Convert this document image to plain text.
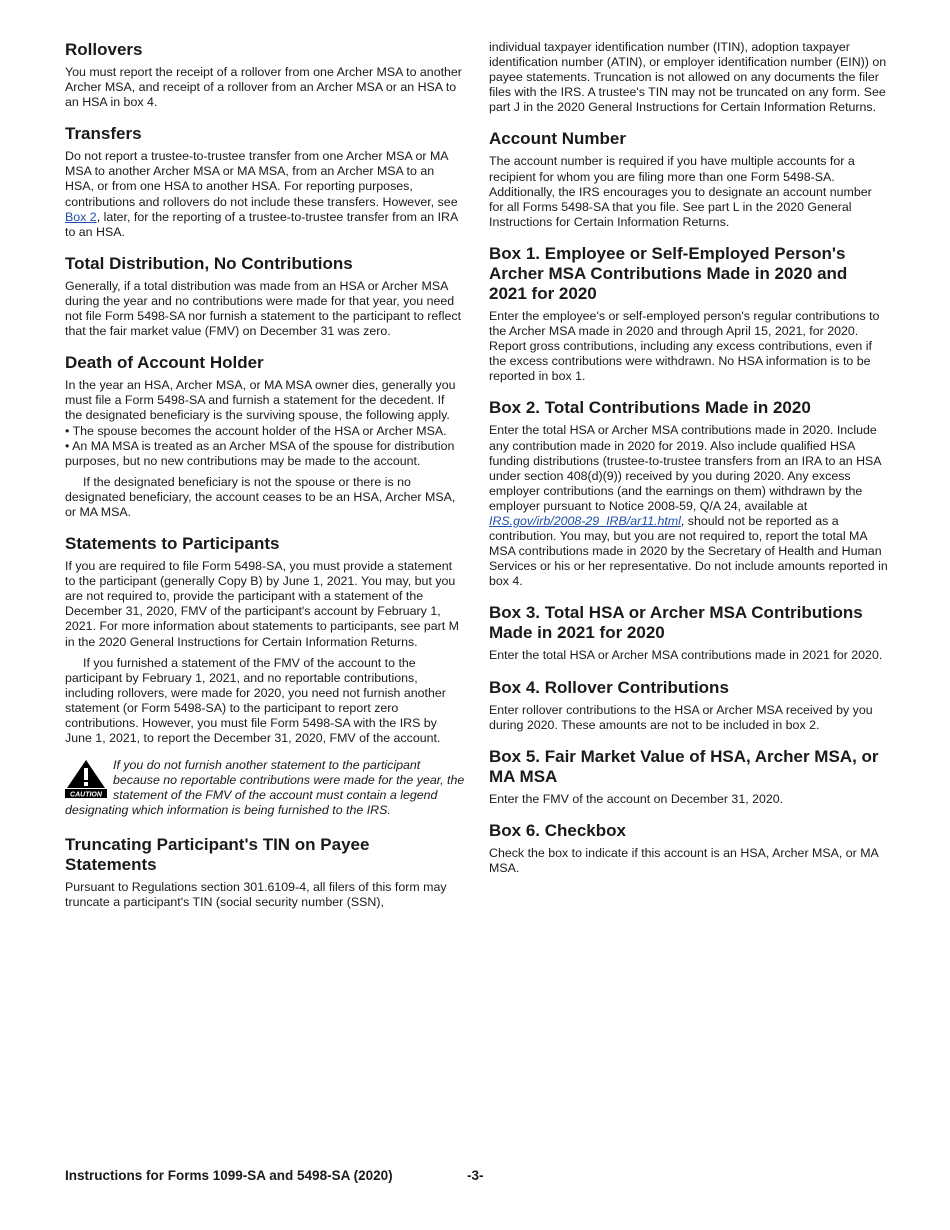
Rollovers

You must report the receipt of a rollover from one Archer MSA to another Archer MSA, and receipt of a rollover from an Archer MSA or an HSA to an HSA in box 4.

Transfers

Do not report a trustee-to-trustee transfer from one Archer MSA or MA MSA to another Archer MSA or MA MSA, from an Archer MSA to an HSA, or from one HSA to another HSA. For reporting purposes, contributions and rollovers do not include these transfers. However, see Box 2, later, for the reporting of a trustee-to-trustee transfer from an IRA to an HSA.

Total Distribution, No Contributions

Generally, if a total distribution was made from an HSA or Archer MSA during the year and no contributions were made for that year, you need not file Form 5498-SA nor furnish a statement to the participant to reflect that the fair market value (FMV) on December 31 was zero.

Death of Account Holder

In the year an HSA, Archer MSA, or MA MSA owner dies, generally you must file a Form 5498-SA and furnish a statement for the decedent. If the designated beneficiary is the surviving spouse, the following apply.

• The spouse becomes the account holder of the HSA or Archer MSA.
• An MA MSA is treated as an Archer MSA of the spouse for distribution purposes, but no new contributions may be made to the account.

If the designated beneficiary is not the spouse or there is no designated beneficiary, the account ceases to be an HSA, Archer MSA, or MA MSA.

Statements to Participants

If you are required to file Form 5498-SA, you must provide a statement to the participant (generally Copy B) by June 1, 2021. You may, but you are not required to, provide the participant with a statement of the December 31, 2020, FMV of the participant's account by February 1, 2021. For more information about statements to participants, see part M in the 2020 General Instructions for Certain Information Returns.

If you furnished a statement of the FMV of the account to the participant by February 1, 2021, and no reportable contributions, including rollovers, were made for 2020, you need not furnish another statement (or Form 5498-SA) to the participant to report zero contributions. However, you must file Form 5498-SA with the IRS by June 1, 2021, to report the December 31, 2020, FMV of the account.

CAUTION
If you do not furnish another statement to the participant because no reportable contributions were made for the year, the statement of the FMV of the account must contain a legend designating which information is being furnished to the IRS.
Truncating Participant's TIN on Payee Statements

Pursuant to Regulations section 301.6109-4, all filers of this form may truncate a participant's TIN (social security number (SSN),

individual taxpayer identification number (ITIN), adoption taxpayer identification number (ATIN), or employer identification number (EIN)) on payee statements. Truncation is not allowed on any documents the filer files with the IRS. A trustee's TIN may not be truncated on any form. See part J in the 2020 General Instructions for Certain Information Returns.

Account Number

The account number is required if you have multiple accounts for a recipient for whom you are filing more than one Form 5498-SA. Additionally, the IRS encourages you to designate an account number for all Forms 5498-SA that you file. See part L in the 2020 General Instructions for Certain Information Returns.

Box 1. Employee or Self-Employed Person's Archer MSA Contributions Made in 2020 and 2021 for 2020

Enter the employee's or self-employed person's regular contributions to the Archer MSA made in 2020 and through April 15, 2021, for 2020. Report gross contributions, including any excess contributions, even if the excess contributions were withdrawn. No HSA information is to be reported in box 1.

Box 2. Total Contributions Made in 2020

Enter the total HSA or Archer MSA contributions made in 2020. Include any contribution made in 2020 for 2019. Also include qualified HSA funding distributions (trustee-to-trustee transfers from an IRA to an HSA under section 408(d)(9)) received by you during 2020. Any excess employer contributions (and the earnings on them) withdrawn by the employer pursuant to Notice 2008-59, Q/A 24, available at IRS.gov/irb/2008-29_IRB/ar11.html, should not be reported as a contribution. You may, but you are not required to, report the total MA MSA contributions made in 2020 by the Secretary of Health and Human Services or his or her representative. Do not include amounts reported in box 4.

Box 3. Total HSA or Archer MSA Contributions Made in 2021 for 2020

Enter the total HSA or Archer MSA contributions made in 2021 for 2020.

Box 4. Rollover Contributions

Enter rollover contributions to the HSA or Archer MSA received by you during 2020. These amounts are not to be included in box 2.

Box 5. Fair Market Value of HSA, Archer MSA, or MA MSA

Enter the FMV of the account on December 31, 2020.

Box 6. Checkbox

Check the box to indicate if this account is an HSA, Archer MSA, or MA MSA.

Instructions for Forms 1099-SA and 5498-SA (2020)	-3-
